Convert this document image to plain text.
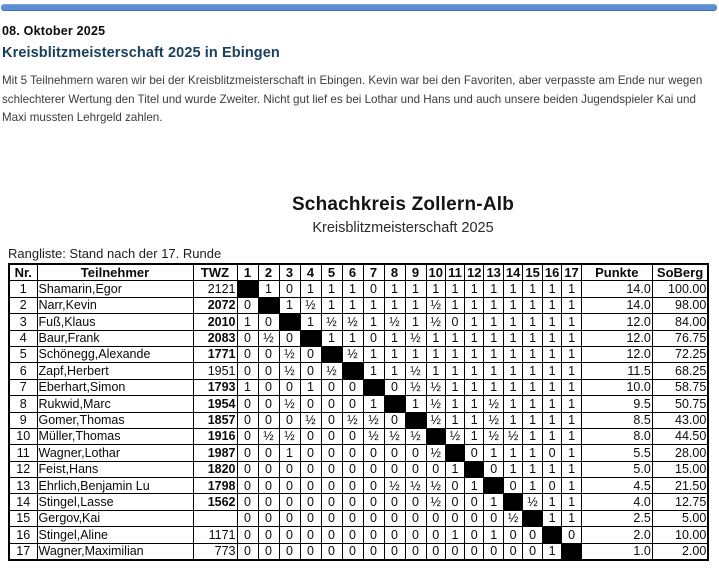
08. Oktober 2025
Kreisblitzmeisterschaft 2025 in Ebingen
Mit 5 Teilnehmern waren wir bei der Kreisblitzmeisterschaft in Ebingen. Kevin war bei den Favoriten, aber verpasste am Ende nur wegen schlechterer Wertung den Titel und wurde Zweiter. Nicht gut lief es bei Lothar und Hans und auch unsere beiden Jugendspieler Kai und Maxi mussten Lehrgeld zahlen.
Schachkreis Zollern-Alb
Kreisblitzmeisterschaft 2025
Rangliste: Stand nach der 17. Runde
Nr.	Teilnehmer	TWZ	1	2	3	4	5	6	7	8	9	10	11	12	13	14	15	16	17	Punkte	SoBerg
1	Shamarin,Egor	2121		1	0	1	1	1	0	1	1	1	1	1	1	1	1	1	1	14.0	100.00
2	Narr,Kevin	2072	0		1	½	1	1	1	1	1	½	1	1	1	1	1	1	1	14.0	98.00
3	Fuß,Klaus	2010	1	0		1	½	½	1	½	1	½	0	1	1	1	1	1	1	12.0	84.00
4	Baur,Frank	2083	0	½	0		1	1	0	1	½	1	1	1	1	1	1	1	1	12.0	76.75
5	Schönegg,Alexande	1771	0	0	½	0		½	1	1	1	1	1	1	1	1	1	1	1	12.0	72.25
6	Zapf,Herbert	1951	0	0	½	0	½		1	1	½	1	1	1	1	1	1	1	1	11.5	68.25
7	Eberhart,Simon	1793	1	0	0	1	0	0		0	½	½	1	1	1	1	1	1	1	10.0	58.75
8	Rukwid,Marc	1954	0	0	½	0	0	0	1		1	½	1	1	½	1	1	1	1	9.5	50.75
9	Gomer,Thomas	1857	0	0	0	½	0	½	½	0		½	1	1	½	1	1	1	1	8.5	43.00
10	Müller,Thomas	1916	0	½	½	0	0	0	½	½	½		½	1	½	½	1	1	1	8.0	44.50
11	Wagner,Lothar	1987	0	0	1	0	0	0	0	0	0	½		0	1	1	1	0	1	5.5	28.00
12	Feist,Hans	1820	0	0	0	0	0	0	0	0	0	0	1		0	1	1	1	1	5.0	15.00
13	Ehrlich,Benjamin Lu	1798	0	0	0	0	0	0	0	½	½	½	0	1		0	1	0	1	4.5	21.50
14	Stingel,Lasse	1562	0	0	0	0	0	0	0	0	0	½	0	0	1		½	1	1	4.0	12.75
15	Gergov,Kai		0	0	0	0	0	0	0	0	0	0	0	0	0	½		1	1	2.5	5.00
16	Stingel,Aline	1171	0	0	0	0	0	0	0	0	0	0	1	0	1	0	0		0	2.0	10.00
17	Wagner,Maximilian	773	0	0	0	0	0	0	0	0	0	0	0	0	0	0	0	1		1.0	2.00
